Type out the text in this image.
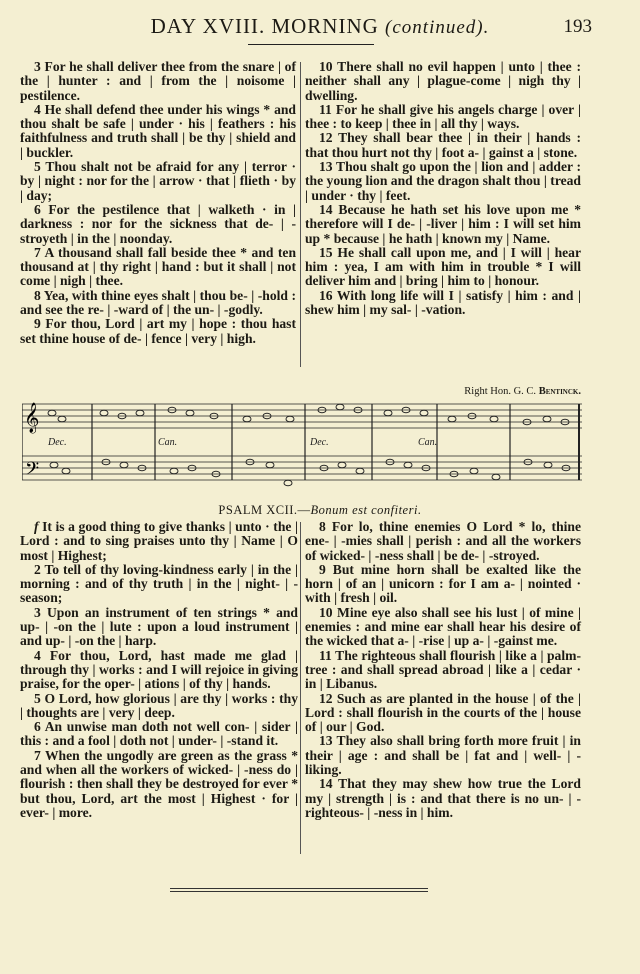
DAY XVIII. MORNING (continued).	193

3 For he shall deliver thee from the snare | of the | hunter : and | from the | noisome | pestilence.

4 He shall defend thee under his wings * and thou shalt be safe | under · his | feathers : his faithfulness and truth shall | be thy | shield and | buckler.

5 Thou shalt not be afraid for any | terror · by | night : nor for the | arrow · that | flieth · by | day;

6 For the pestilence that | walketh · in | darkness : nor for the sickness that de- | -stroyeth | in the | noonday.

7 A thousand shall fall beside thee * and ten thousand at | thy right | hand : but it shall | not come | nigh | thee.

8 Yea, with thine eyes shalt | thou be- | -hold : and see the re- | -ward of | the un- | -godly.

9 For thou, Lord | art my | hope : thou hast set thine house of de- | fence | very | high.

10 There shall no evil happen | unto | thee : neither shall any | plague-come | nigh thy | dwelling.

11 For he shall give his angels charge | over | thee : to keep | thee in | all thy | ways.

12 They shall bear thee | in their | hands : that thou hurt not thy | foot a- | gainst a | stone.

13 Thou shalt go upon the | lion and | adder : the young lion and the dragon shalt thou | tread | under · thy | feet.

14 Because he hath set his love upon me * therefore will I de- | -liver | him : I will set him up * because | he hath | known my | Name.

15 He shall call upon me, and | I will | hear him : yea, I am with him in trouble * I will deliver him and | bring | him to | honour.

16 With long life will I | satisfy | him : and | shew him | my sal- | -vation.

Right Hon. G. C. Bentinck.
𝄞
𝄢
Dec.	Can.	Dec.	Can.
PSALM XCII.—Bonum est confiteri.

f It is a good thing to give thanks | unto · the | Lord : and to sing praises unto thy | Name | O most | Highest;

2 To tell of thy loving-kindness early | in the | morning : and of thy truth | in the | night- | -season;

3 Upon an instrument of ten strings * and up- | -on the | lute : upon a loud instrument | and up- | -on the | harp.

4 For thou, Lord, hast made me glad | through thy | works : and I will rejoice in giving praise, for the oper- | ations | of thy | hands.

5 O Lord, how glorious | are thy | works : thy | thoughts are | very | deep.

6 An unwise man doth not well con- | sider | this : and a fool | doth not | under- | -stand it.

7 When the ungodly are green as the grass * and when all the workers of wicked- | -ness do | flourish : then shall they be destroyed for ever * but thou, Lord, art the most | Highest · for | ever- | more.

8 For lo, thine enemies O Lord * lo, thine ene- | -mies shall | perish : and all the workers of wicked- | -ness shall | be de- | -stroyed.

9 But mine horn shall be exalted like the horn | of an | unicorn : for I am a- | nointed · with | fresh | oil.

10 Mine eye also shall see his lust | of mine | enemies : and mine ear shall hear his desire of the wicked that a- | -rise | up a- | -gainst me.

11 The righteous shall flourish | like a | palm-tree : and shall spread abroad | like a | cedar · in | Libanus.

12 Such as are planted in the house | of the | Lord : shall flourish in the courts of the | house of | our | God.

13 They also shall bring forth more fruit | in their | age : and shall be | fat and | well- | -liking.

14 That they may shew how true the Lord my | strength | is : and that there is no un- | -righteous- | -ness in | him.
